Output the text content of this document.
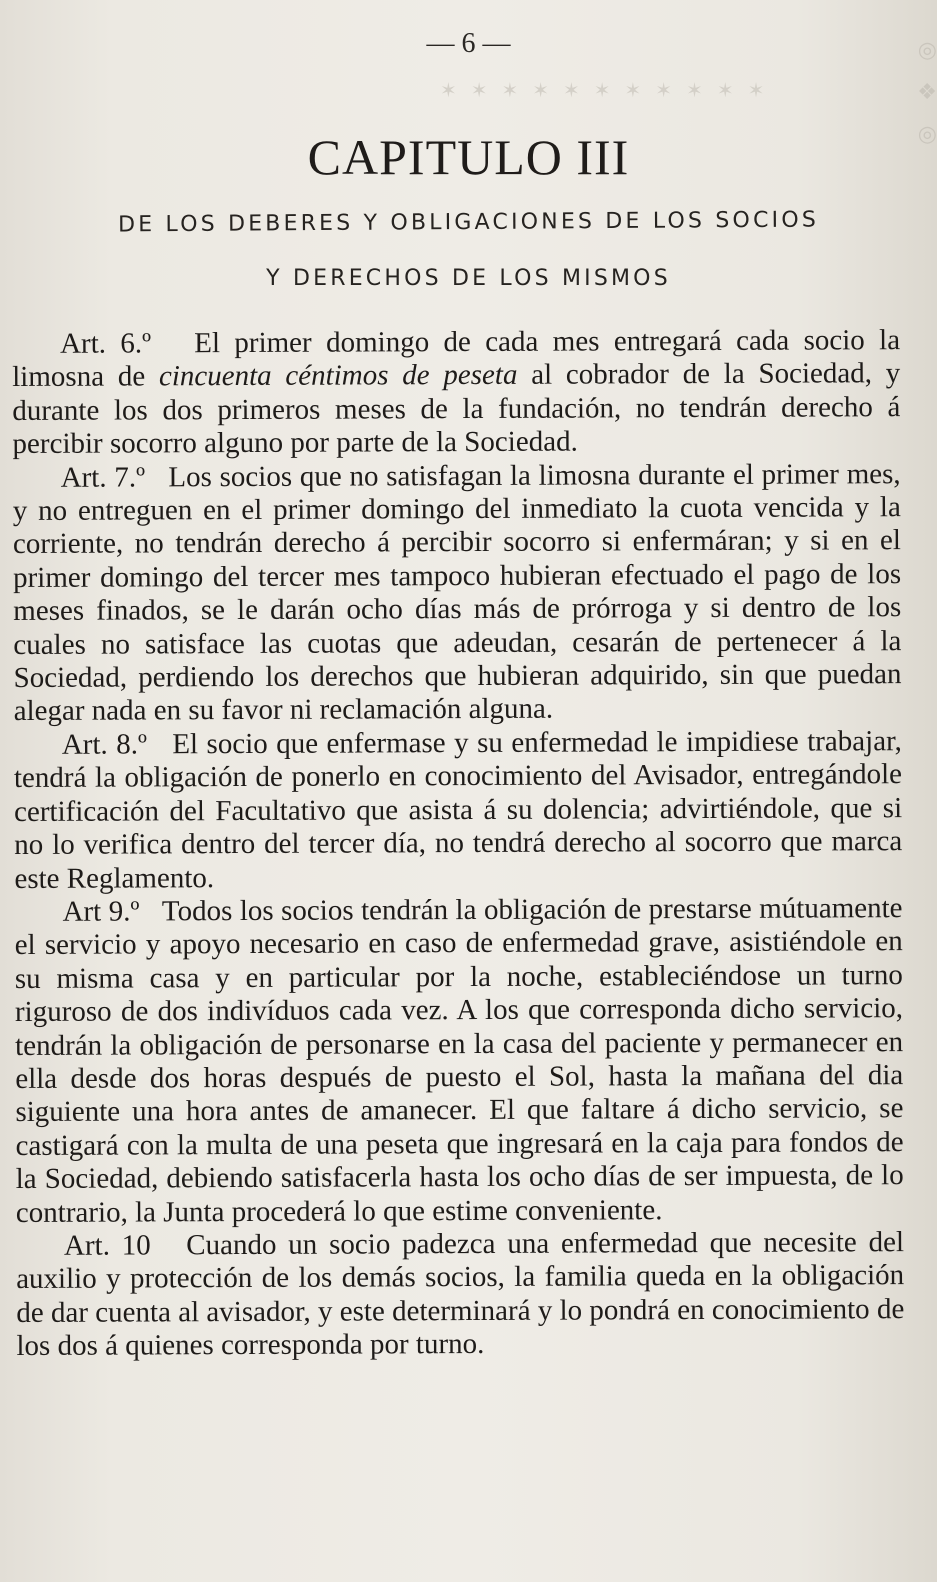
◎
❖
◎
✶✶✶✶✶✶✶✶✶✶✶
— 6 —
CAPITULO III
DE LOS DEBERES Y OBLIGACIONES DE LOS SOCIOS
Y DERECHOS DE LOS MISMOS

Art. 6.º El primer domingo de cada mes entregará cada socio la limosna de cincuenta céntimos de peseta al cobrador de la Sociedad, y durante los dos primeros meses de la fundación, no tendrán derecho á percibir socorro alguno por parte de la Sociedad.

Art. 7.º Los socios que no satisfagan la limosna durante el primer mes, y no entreguen en el primer domingo del inmediato la cuota vencida y la corriente, no tendrán derecho á percibir socorro si enfermáran; y si en el primer domingo del tercer mes tampoco hubieran efectuado el pago de los meses finados, se le darán ocho días más de prórroga y si dentro de los cuales no satisface las cuotas que adeudan, cesarán de pertenecer á la Sociedad, perdiendo los derechos que hubieran adquirido, sin que puedan alegar nada en su favor ni reclamación alguna.

Art. 8.º El socio que enfermase y su enfermedad le impidiese trabajar, tendrá la obligación de ponerlo en conocimiento del Avisador, entregándole certificación del Facultativo que asista á su dolencia; advirtiéndole, que si no lo verifica dentro del tercer día, no tendrá derecho al socorro que marca este Reglamento.

Art 9.º Todos los socios tendrán la obligación de prestarse mútuamente el servicio y apoyo necesario en caso de enfermedad grave, asistiéndole en su misma casa y en particular por la noche, estableciéndose un turno riguroso de dos indivíduos cada vez. A los que corresponda dicho servicio, tendrán la obligación de personarse en la casa del paciente y permanecer en ella desde dos horas después de puesto el Sol, hasta la mañana del dia siguiente una hora antes de amanecer. El que faltare á dicho servicio, se castigará con la multa de una peseta que ingresará en la caja para fondos de la Sociedad, debiendo satisfacerla hasta los ocho días de ser impuesta, de lo contrario, la Junta procederá lo que estime conveniente.

Art. 10 Cuando un socio padezca una enfermedad que necesite del auxilio y protección de los demás socios, la familia queda en la obligación de dar cuenta al avisador, y este determinará y lo pondrá en conocimiento de los dos á quienes corresponda por turno.
